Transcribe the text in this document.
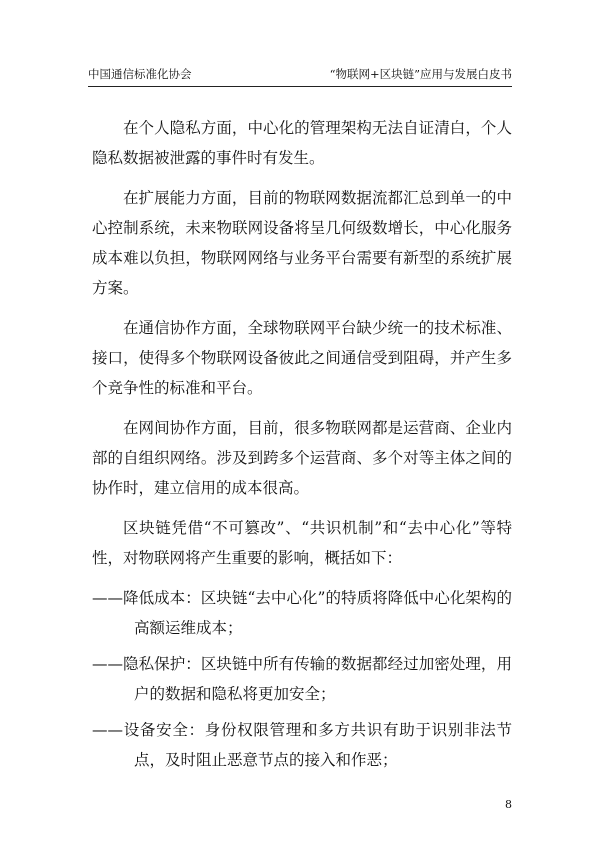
中国通信标准化协会	“物联网+区块链”应用与发展白皮书

在个人隐私方面，中心化的管理架构无法自证清白，个人隐私数据被泄露的事件时有发生。

在扩展能力方面，目前的物联网数据流都汇总到单一的中心控制系统，未来物联网设备将呈几何级数增长，中心化服务成本难以负担，物联网网络与业务平台需要有新型的系统扩展方案。

在通信协作方面，全球物联网平台缺少统一的技术标准、接口，使得多个物联网设备彼此之间通信受到阻碍，并产生多个竞争性的标准和平台。

在网间协作方面，目前，很多物联网都是运营商、企业内部的自组织网络。涉及到跨多个运营商、多个对等主体之间的协作时，建立信用的成本很高。

区块链凭借“不可篡改”、“共识机制”和“去中心化”等特性，对物联网将产生重要的影响，概括如下：

——降低成本：区块链“去中心化”的特质将降低中心化架构的高额运维成本；

——隐私保护：区块链中所有传输的数据都经过加密处理，用户的数据和隐私将更加安全；

——设备安全：身份权限管理和多方共识有助于识别非法节点，及时阻止恶意节点的接入和作恶；

8
